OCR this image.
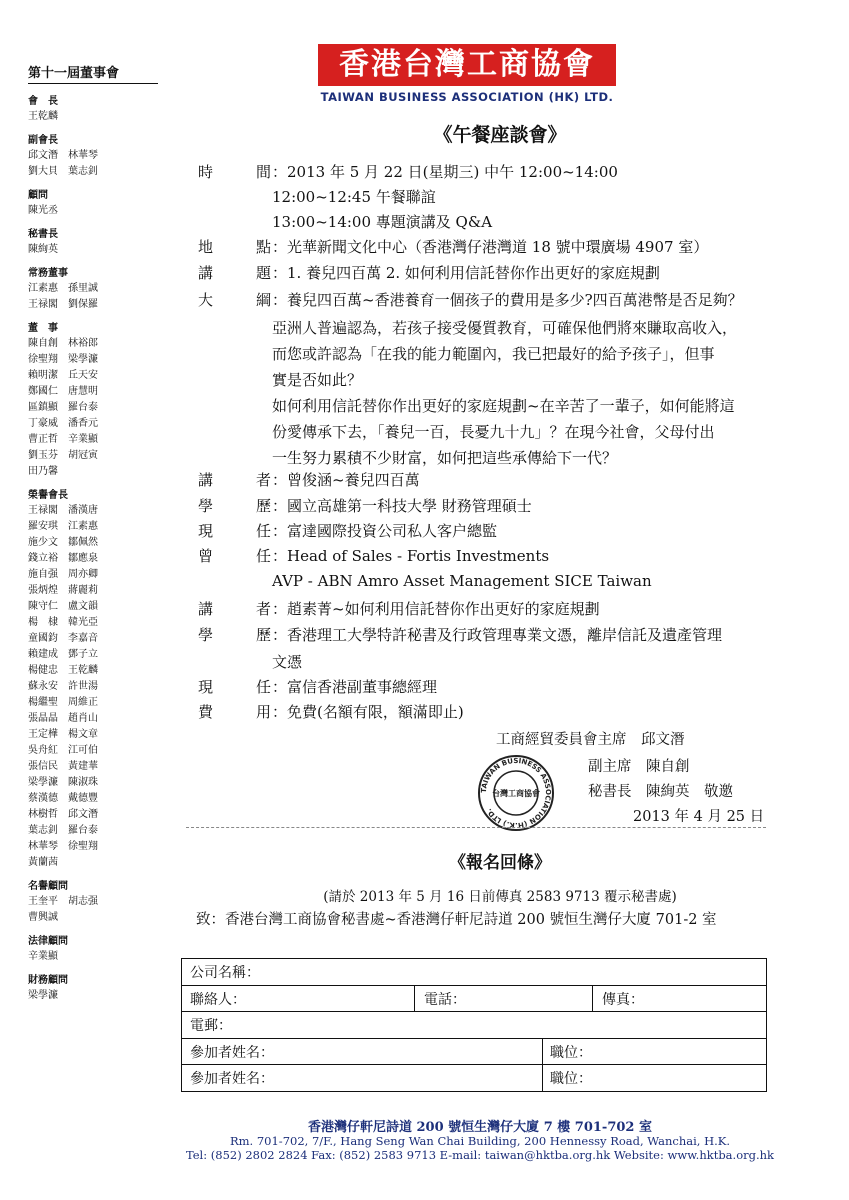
第十一屆董事會
會　長
王乾麟
副會長
邱文潛　林華琴
劉大貝　葉志釗
顧問
陳光丞
秘書長
陳絢英
常務董事
江素惠　孫里誠
王禄閣　劉保羅
董　事
陳自創　林裕郎
徐聖翔　梁學濂
賴明潔　丘天安
鄭國仁　唐慧明
區鎮顯　羅台泰
丁豪威　潘香元
曹正哲　辛業顯
劉玉芬　胡冠寅
田乃馨
榮譽會長
王禄閣　潘漢唐
羅安琪　江素惠
施少文　鄒佩然
錢立裕　鄒應泉
施自强　周亦卿
張炳煌　蔣麗莉
陳守仁　盧文韻
楊　棣　韓光亞
童國鈞　李嘉音
賴建成　鄧子立
楊健忠　王乾麟
蘇永安　許世湯
楊繼聖　周維正
張晶晶　趙肖山
王定樺　楊文章
吳舟紅　江可伯
張信民　黃建華
梁學濂　陳淑珠
蔡漢德　戴德豐
林樹哲　邱文潛
葉志釗　羅台泰
林華琴　徐聖翔
黃蘭茜
名譽顧問
王奎平　胡志强
曹興誠
法律顧問
辛業顯
財務顧問
梁學濂
香港台灣工商協會
TAIWAN BUSINESS ASSOCIATION (HK) LTD.
《午餐座談會》
時	間 ：2013 年 5 月 22 日(星期三) 中午 12:00~14:00
12:00~12:45 午餐聯誼
13:00~14:00 專題演講及 Q&A
地	點 ：光華新聞文化中心（香港灣仔港灣道 18 號中環廣場 4907 室）
講	題 ：1. 養兒四百萬 2. 如何利用信託替你作出更好的家庭規劃
大	綱 ：養兒四百萬~香港養育一個孩子的費用是多少?四百萬港幣是否足夠？
亞洲人普遍認為，若孩子接受優質教育，可確保他們將來賺取高收入，
而您或許認為「在我的能力範圍內，我已把最好的給予孩子」，但事
實是否如此？
如何利用信託替你作出更好的家庭規劃~在辛苦了一輩子，如何能將這
份愛傳承下去，「養兒一百，長憂九十九」？在現今社會，父母付出
一生努力累積不少財富，如何把這些承傳給下一代？
講	者 ：曾俊涵~養兒四百萬
學	歷 ：國立高雄第一科技大學 財務管理碩士
現	任 ：富達國際投資公司私人客户總監
曾	任 ：Head of Sales - Fortis Investments
AVP - ABN Amro Asset Management SICE Taiwan
講	者 ：趙素菁~如何利用信託替你作出更好的家庭規劃
學	歷 ：香港理工大學特許秘書及行政管理專業文憑，離岸信託及遺產管理
文憑
現	任 ：富信香港副董事總經理
費	用 ：免費(名額有限，額滿即止)
工商經貿委員會主席　邱文潛
副主席　陳自創
秘書長　陳絢英　敬邀
2013 年 4 月 25 日
TAIWAN BUSINESS ASSOCIATION (H.K.) LTD.
台灣工商協會
《報名回條》
(請於 2013 年 5 月 16 日前傳真 2583 9713 覆示秘書處)
致：香港台灣工商協會秘書處~香港灣仔軒尼詩道 200 號恒生灣仔大廈 701-2 室
公司名稱：
聯絡人：	電話：	傳真：
電郵：
參加者姓名：	職位：
參加者姓名：	職位：
香港灣仔軒尼詩道 200 號恒生灣仔大廈 7 樓 701-702 室
Rm. 701-702, 7/F., Hang Seng Wan Chai Building, 200 Hennessy Road, Wanchai, H.K.
Tel: (852) 2802 2824 Fax: (852) 2583 9713 E-mail: taiwan@hktba.org.hk Website: www.hktba.org.hk
